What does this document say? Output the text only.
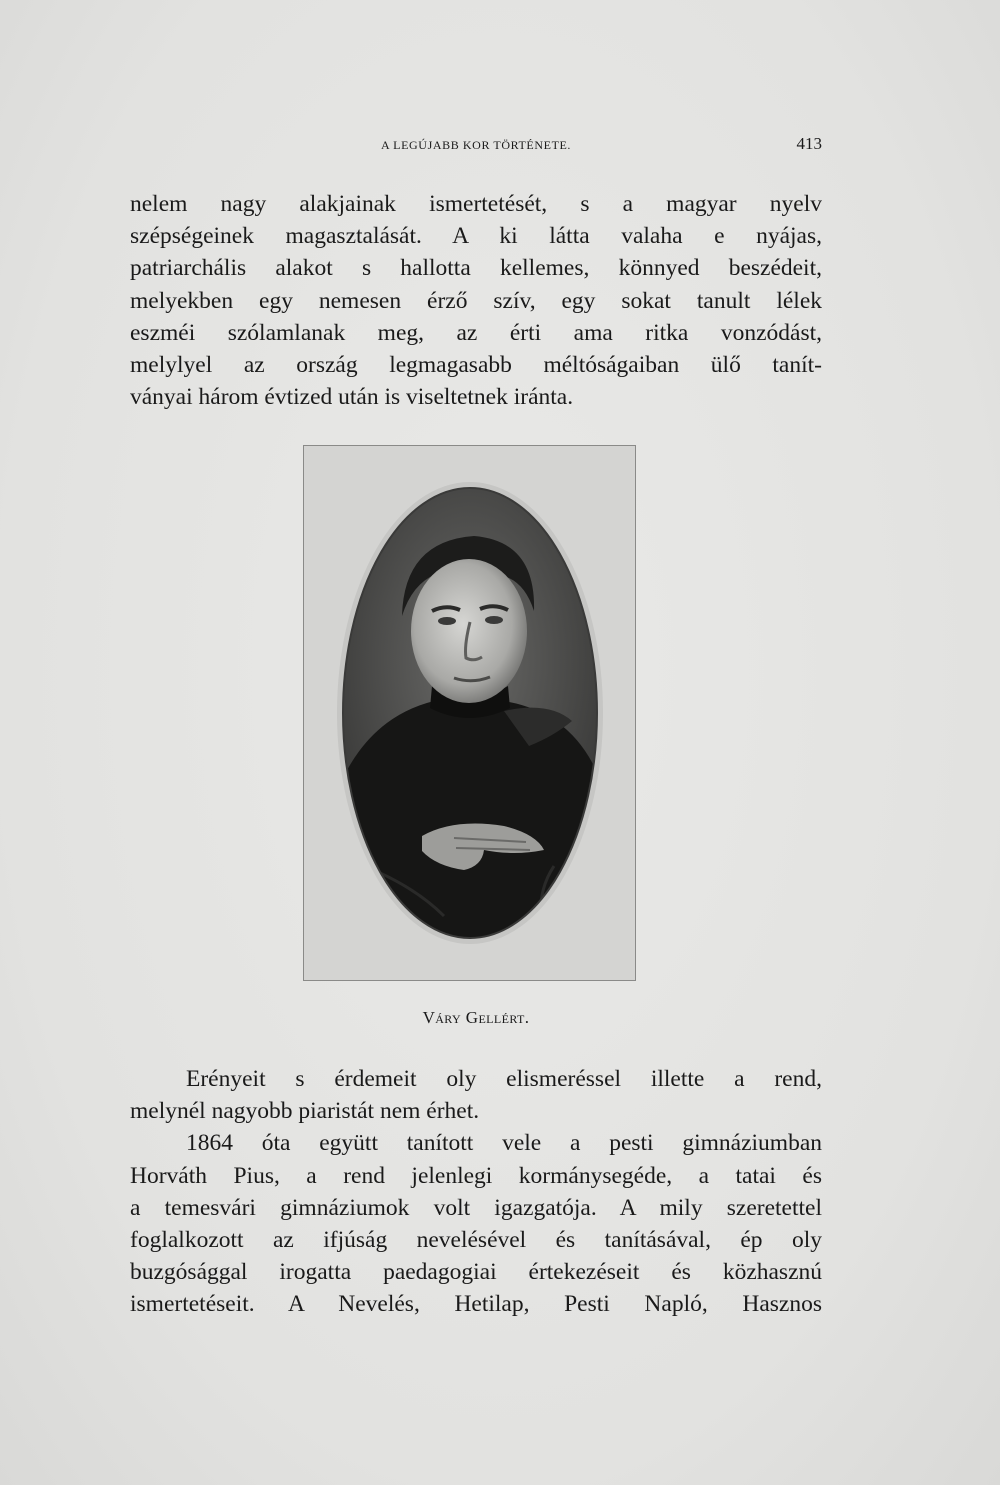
A LEGÚJABB KOR TÖRTÉNETE.	413

nelem nagy alakjainak ismertetését, s a magyar nyelv
szépségeinek magasztalását. A ki látta valaha e nyájas,
patriarchális alakot s hallotta kellemes, könnyed beszédeit,
melyekben egy nemesen érző szív, egy sokat tanult lélek
eszméi szólamlanak meg, az érti ama ritka vonzódást,
melylyel az ország legmagasabb méltóságaiban ülő tanít-
ványai három évtized után is viseltetnek iránta.

Váry Gellért.

Erényeit s érdemeit oly elismeréssel illette a rend,
melynél nagyobb piaristát nem érhet.
1864 óta együtt tanított vele a pesti gimnáziumban
Horváth Pius, a rend jelenlegi kormánysegéde, a tatai és
a temesvári gimnáziumok volt igazgatója. A mily szeretettel
foglalkozott az ifjúság nevelésével és tanításával, ép oly
buzgósággal irogatta paedagogiai értekezéseit és közhasznú
ismertetéseit. A Nevelés, Hetilap, Pesti Napló, Hasznos
